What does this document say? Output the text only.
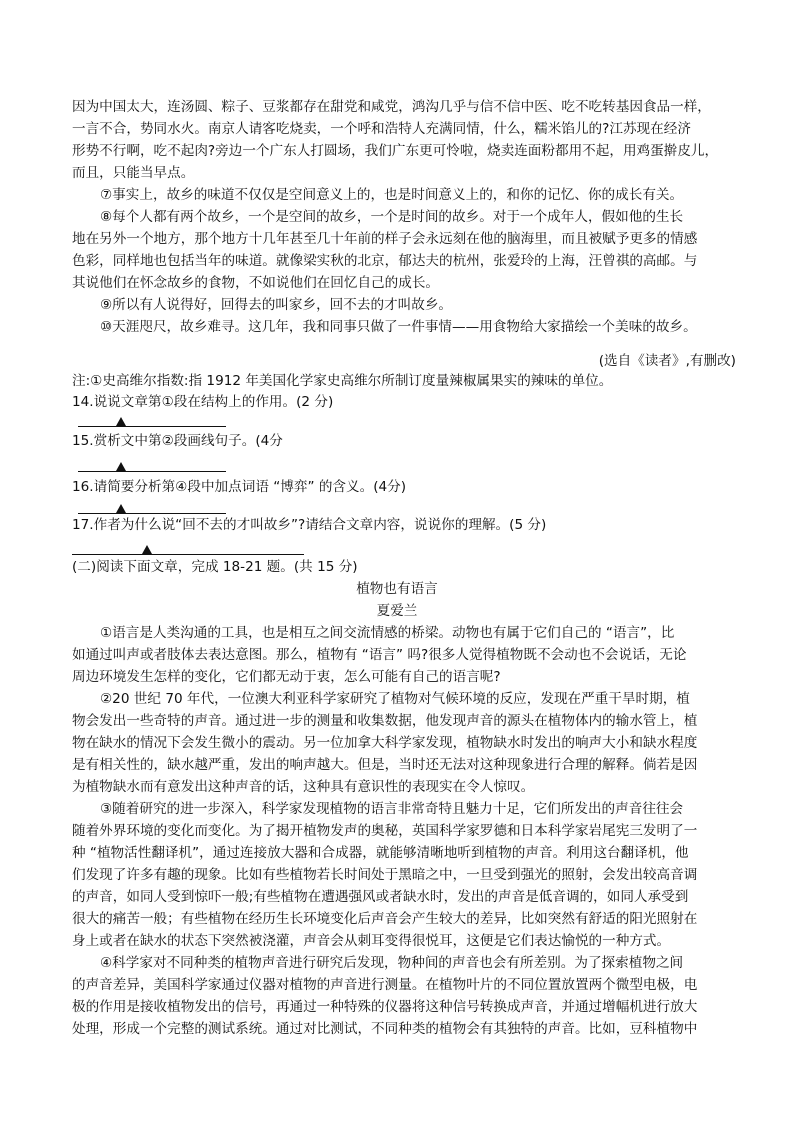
因为中国太大，连汤圆、粽子、豆浆都存在甜党和咸党，鸿沟几乎与信不信中医、吃不吃转基因食品一样，
一言不合，势同水火。南京人请客吃烧卖，一个呼和浩特人充满同情，什么，糯米馅儿的?江苏现在经济
形势不行啊，吃不起肉?旁边一个广东人打圆场，我们广东更可怜啦，烧卖连面粉都用不起，用鸡蛋擀皮儿，
而且，只能当早点。
⑦事实上，故乡的味道不仅仅是空间意义上的，也是时间意义上的，和你的记忆、你的成长有关。
⑧每个人都有两个故乡，一个是空间的故乡，一个是时间的故乡。对于一个成年人，假如他的生长
地在另外一个地方，那个地方十几年甚至几十年前的样子会永远刻在他的脑海里，而且被赋予更多的情感
色彩，同样地也包括当年的味道。就像梁实秋的北京，郁达夫的杭州，张爱玲的上海，汪曾祺的高邮。与
其说他们在怀念故乡的食物，不如说他们在回忆自己的成长。
⑨所以有人说得好，回得去的叫家乡，回不去的才叫故乡。
⑩天涯咫尺，故乡难寻。这几年，我和同事只做了一件事情——用食物给大家描绘一个美味的故乡。
(选自《读者》,有删改)
注:①史高维尔指数:指 1912 年美国化学家史高维尔所制订度量辣椒属果实的辣味的单位。
14.说说文章第①段在结构上的作用。(2 分)
15.赏析文中第②段画线句子。(4分
16.请简要分析第④段中加点词语 “博弈” 的含义。(4分)
17.作者为什么说“回不去的才叫故乡”?请结合文章内容，说说你的理解。(5 分)
(二)阅读下面文章，完成 18-21 题。(共 15 分)
植物也有语言
夏爱兰
①语言是人类沟通的工具，也是相互之间交流情感的桥梁。动物也有属于它们自己的 “语言”，比
如通过叫声或者肢体去表达意图。那么，植物有 “语言” 吗?很多人觉得植物既不会动也不会说话，无论
周边环境发生怎样的变化，它们都无动于衷，怎么可能有自己的语言呢?
②20 世纪 70 年代，一位澳大利亚科学家研究了植物对气候环境的反应，发现在严重干旱时期，植
物会发出一些奇特的声音。通过进一步的测量和收集数据，他发现声音的源头在植物体内的输水管上，植
物在缺水的情况下会发生微小的震动。另一位加拿大科学家发现，植物缺水时发出的响声大小和缺水程度
是有相关性的，缺水越严重，发出的响声越大。但是，当时还无法对这种现象进行合理的解释。倘若是因
为植物缺水而有意发出这种声音的话，这种具有意识性的表现实在令人惊叹。
③随着研究的进一步深入，科学家发现植物的语言非常奇特且魅力十足，它们所发出的声音往往会
随着外界环境的变化而变化。为了揭开植物发声的奥秘，英国科学家罗德和日本科学家岩尾宪三发明了一
种 “植物活性翻译机”，通过连接放大器和合成器，就能够清晰地听到植物的声音。利用这台翻译机，他
们发现了许多有趣的现象。比如有些植物若长时间处于黑暗之中，一旦受到强光的照射，会发出较高音调
的声音，如同人受到惊吓一般;有些植物在遭遇强风或者缺水时，发出的声音是低音调的，如同人承受到
很大的痛苦一般；有些植物在经历生长环境变化后声音会产生较大的差异，比如突然有舒适的阳光照射在
身上或者在缺水的状态下突然被浇灌，声音会从刺耳变得很悦耳，这便是它们表达愉悦的一种方式。
④科学家对不同种类的植物声音进行研究后发现，物种间的声音也会有所差别。为了探索植物之间
的声音差异，美国科学家通过仪器对植物的声音进行测量。在植物叶片的不同位置放置两个微型电极，电
极的作用是接收植物发出的信号，再通过一种特殊的仪器将这种信号转换成声音，并通过增幅机进行放大
处理，形成一个完整的测试系统。通过对比测试，不同种类的植物会有其独特的声音。比如，豆科植物中
